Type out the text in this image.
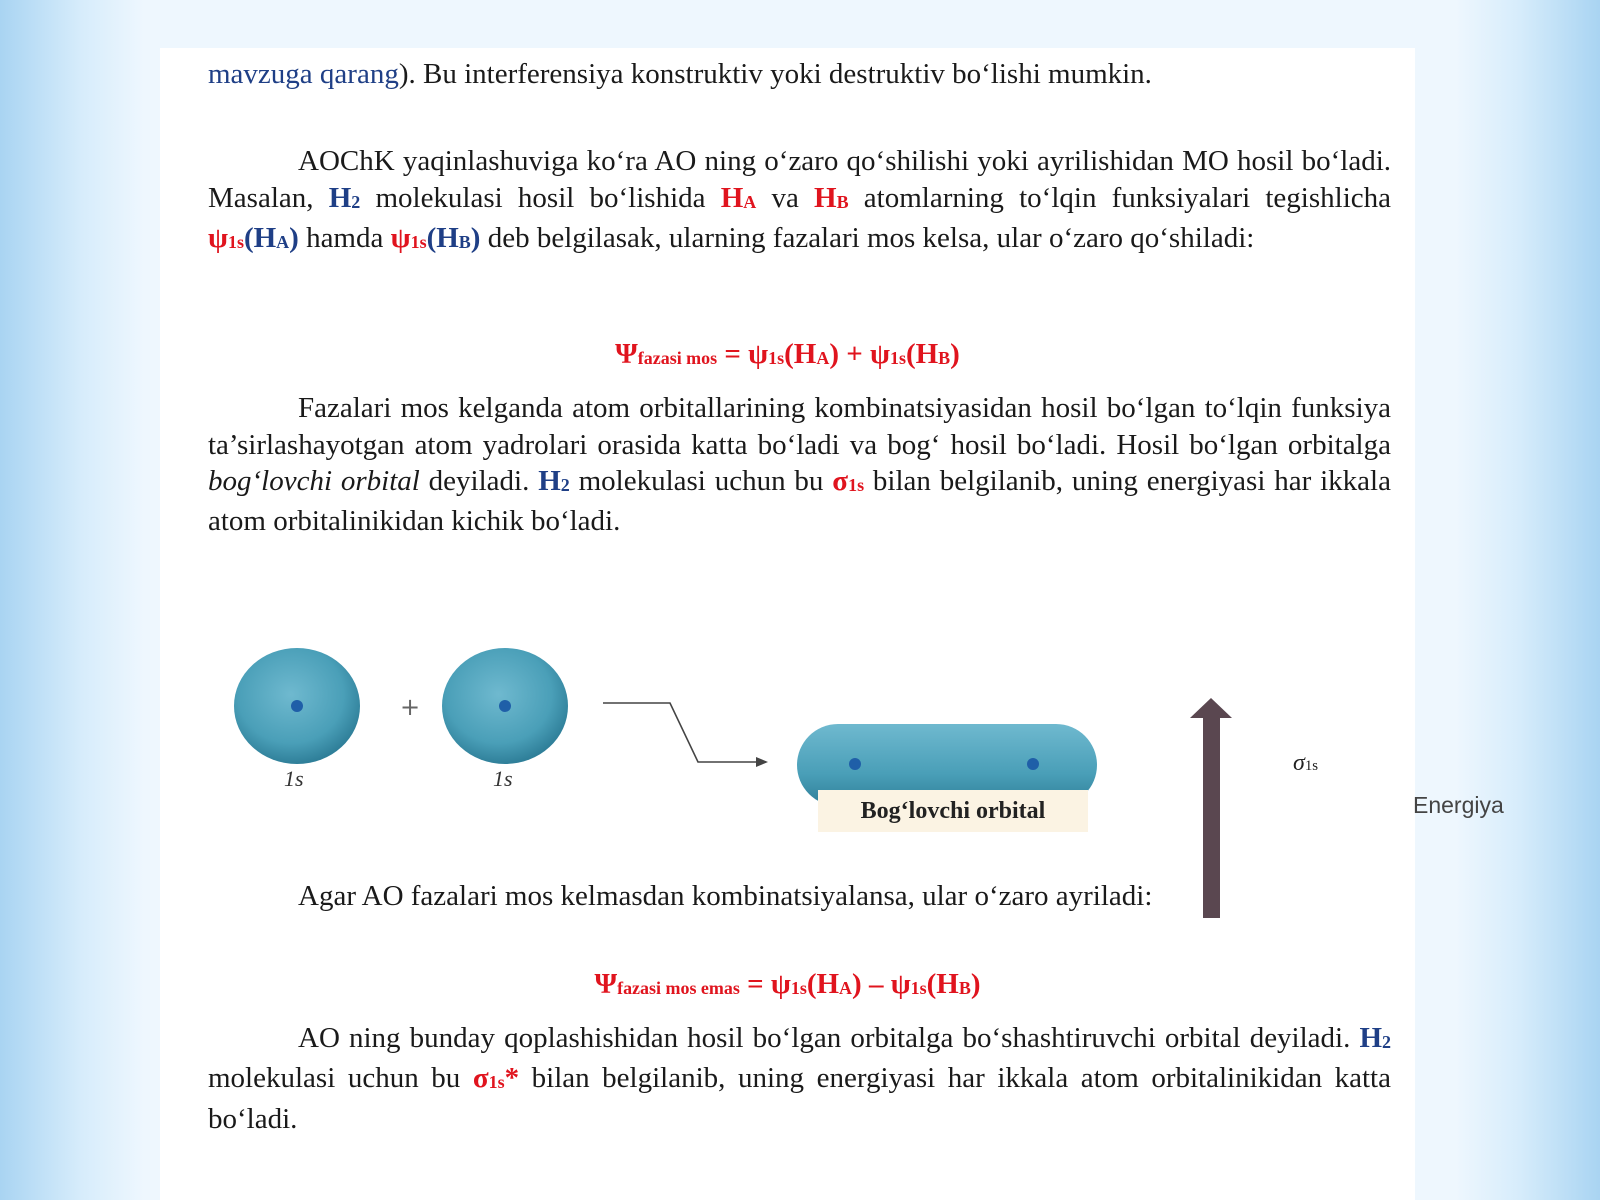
mavzuga qarang). Bu interferensiya konstruktiv yoki destruktiv bo‘lishi mumkin.
AOChK yaqinlashuviga ko‘ra AO ning o‘zaro qo‘shilishi yoki ayrilishidan MO hosil bo‘ladi. Masalan, H2 molekulasi hosil bo‘lishida HA va HB atomlarning to‘lqin funksiyalari tegishlicha ψ1s(HA) hamda ψ1s(HB) deb belgilasak, ularning fazalari mos kelsa, ular o‘zaro qo‘shiladi:
Ψfazasi mos = ψ1s(HA) + ψ1s(HB)
Fazalari mos kelganda atom orbitallarining kombinatsiyasidan hosil bo‘lgan to‘lqin funksiya ta’sirlashayotgan atom yadrolari orasida katta bo‘ladi va bog‘ hosil bo‘ladi. Hosil bo‘lgan orbitalga bog‘lovchi orbital deyiladi. H2 molekulasi uchun bu σ1s bilan belgilanib, uning energiyasi har ikkala atom orbitalinikidan kichik bo‘ladi.
+
1s	1s
σ1s
Bog‘lovchi orbital	Energiya
Agar AO fazalari mos kelmasdan kombinatsiyalansa, ular o‘zaro ayriladi:
Ψfazasi mos emas = ψ1s(HA) – ψ1s(HB)
AO ning bunday qoplashishidan hosil bo‘lgan orbitalga bo‘shashtiruvchi orbital deyiladi. H2 molekulasi uchun bu σ1s* bilan belgilanib, uning energiyasi har ikkala atom orbitalinikidan katta bo‘ladi.
